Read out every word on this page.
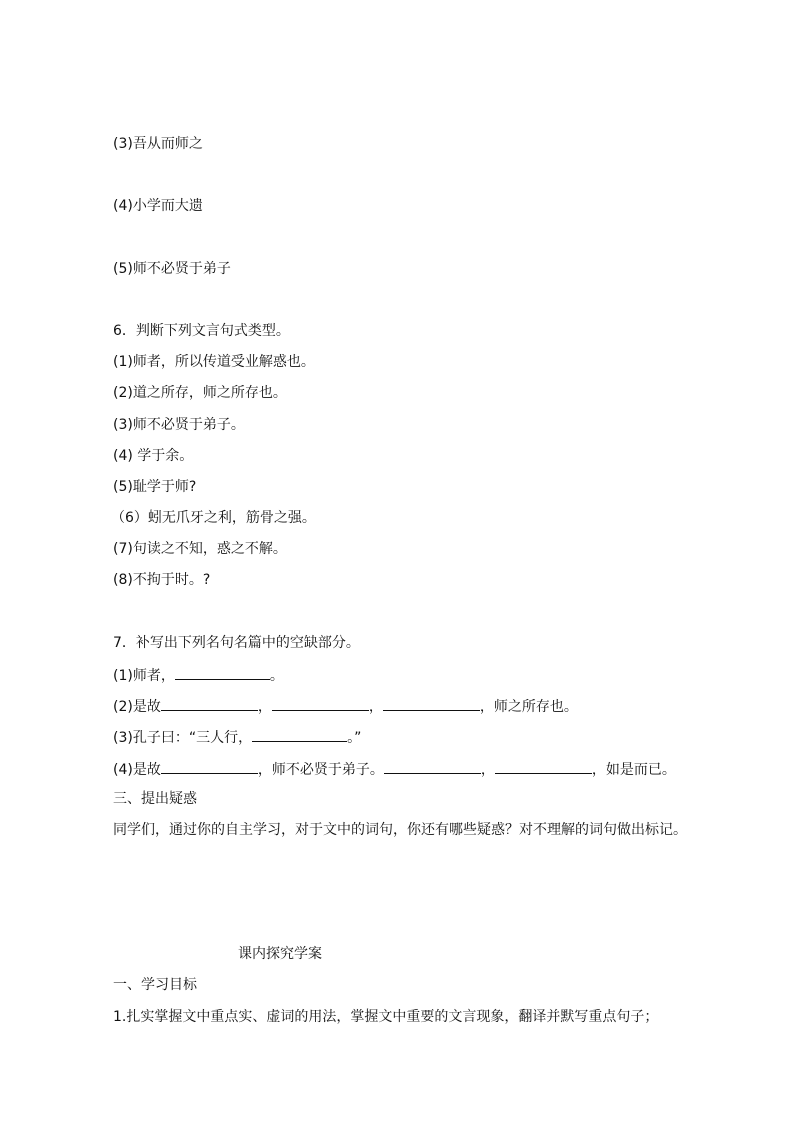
(3)吾从而师之
(4)小学而大遗
(5)师不必贤于弟子
6．判断下列文言句式类型。
(1)师者，所以传道受业解惑也。
(2)道之所存，师之所存也。
(3)师不必贤于弟子。
(4) 学于余。
(5)耻学于师?
（6）蚓无爪牙之利，筋骨之强。
(7)句读之不知，惑之不解。
(8)不拘于时。?
7．补写出下列名句名篇中的空缺部分。
(1)师者，	。
(2)是故	，	，	，师之所存也。
(3)孔子曰：“三人行，	。”
(4)是故	，师不必贤于弟子。	，	，如是而已。
三、提出疑惑
同学们，通过你的自主学习，对于文中的词句，你还有哪些疑惑？对不理解的词句做出标记。
课内探究学案
一、学习目标
1.扎实掌握文中重点实、虚词的用法，掌握文中重要的文言现象，翻译并默写重点句子；
